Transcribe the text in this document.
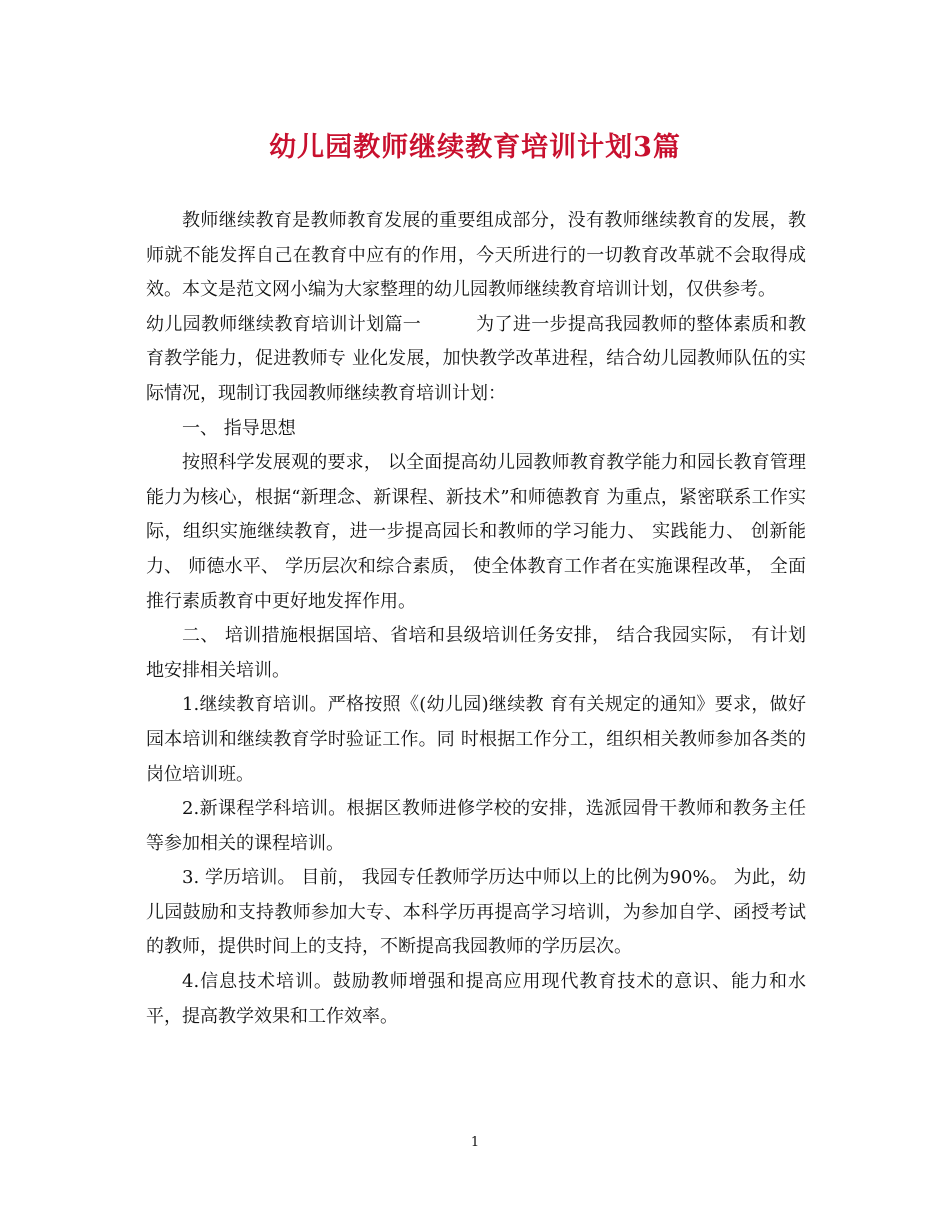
幼儿园教师继续教育培训计划3篇

教师继续教育是教师教育发展的重要组成部分，没有教师继续教育的发展，教师就不能发挥自己在教育中应有的作用，今天所进行的一切教育改革就不会取得成效。本文是范文网小编为大家整理的幼儿园教师继续教育培训计划，仅供参考。

幼儿园教师继续教育培训计划篇一　　　为了进一步提高我园教师的整体素质和教育教学能力，促进教师专 业化发展，加快教学改革进程，结合幼儿园教师队伍的实际情况，现制订我园教师继续教育培训计划：

一、 指导思想

按照科学发展观的要求， 以全面提高幼儿园教师教育教学能力和园长教育管理能力为核心，根据“新理念、新课程、新技术”和师德教育 为重点，紧密联系工作实际，组织实施继续教育，进一步提高园长和教师的学习能力、 实践能力、 创新能力、 师德水平、 学历层次和综合素质， 使全体教育工作者在实施课程改革， 全面推行素质教育中更好地发挥作用。

二、 培训措施根据国培、省培和县级培训任务安排， 结合我园实际， 有计划地安排相关培训。

1.继续教育培训。严格按照《(幼儿园)继续教 育有关规定的通知》要求，做好园本培训和继续教育学时验证工作。同 时根据工作分工，组织相关教师参加各类的岗位培训班。

2.新课程学科培训。根据区教师进修学校的安排，选派园骨干教师和教务主任等参加相关的课程培训。

3. 学历培训。 目前， 我园专任教师学历达中师以上的比例为90%。 为此，幼儿园鼓励和支持教师参加大专、本科学历再提高学习培训，为参加自学、函授考试的教师，提供时间上的支持，不断提高我园教师的学历层次。

4.信息技术培训。鼓励教师增强和提高应用现代教育技术的意识、能力和水平，提高教学效果和工作效率。

1
